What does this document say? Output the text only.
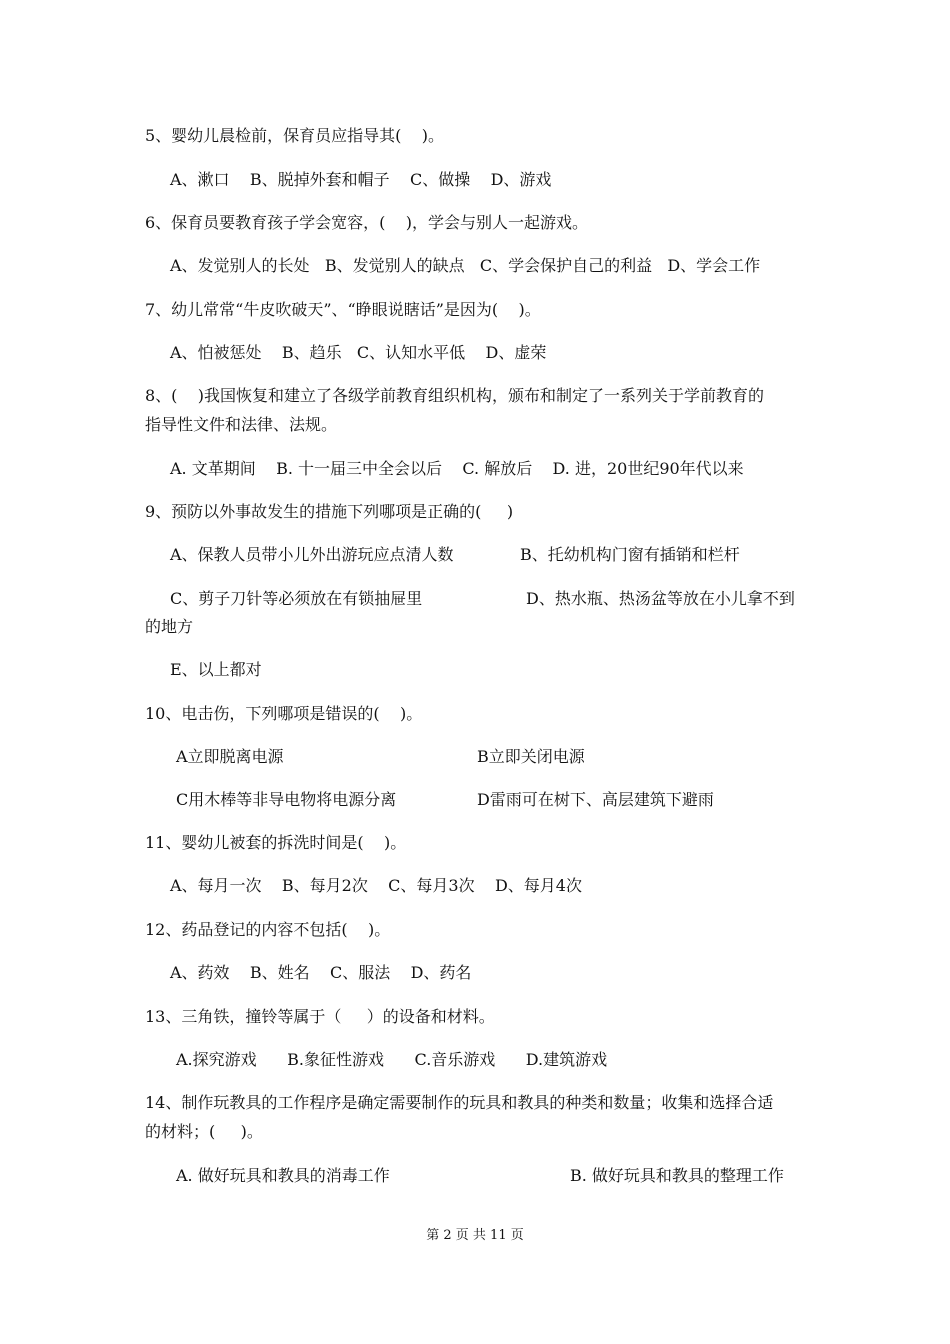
5、婴幼儿晨检前，保育员应指导其(    )。
A、漱口    B、脱掉外套和帽子    C、做操    D、游戏
6、保育员要教育孩子学会宽容，(    )，学会与别人一起游戏。
A、发觉别人的长处   B、发觉别人的缺点   C、学会保护自己的利益   D、学会工作
7、幼儿常常“牛皮吹破天”、“睁眼说瞎话”是因为(    )。
A、怕被惩处    B、趋乐   C、认知水平低    D、虚荣
8、(    )我国恢复和建立了各级学前教育组织机构，颁布和制定了一系列关于学前教育的
指导性文件和法律、法规。
A. 文革期间    B. 十一届三中全会以后    C. 解放后    D. 进，20世纪90年代以来
9、预防以外事故发生的措施下列哪项是正确的(     )
A、保教人员带小儿外出游玩应点清人数	B、托幼机构门窗有插销和栏杆
C、剪子刀针等必须放在有锁抽屉里	D、热水瓶、热汤盆等放在小儿拿不到
的地方
E、以上都对
10、电击伤，下列哪项是错误的(    )。
A立即脱离电源	B立即关闭电源
C用木棒等非导电物将电源分离	D雷雨可在树下、高层建筑下避雨
11、婴幼儿被套的拆洗时间是(    )。
A、每月一次    B、每月2次    C、每月3次    D、每月4次
12、药品登记的内容不包括(    )。
A、药效    B、姓名    C、服法    D、药名
13、三角铁，撞铃等属于（     ）的设备和材料。
A.探究游戏      B.象征性游戏      C.音乐游戏      D.建筑游戏
14、制作玩教具的工作程序是确定需要制作的玩具和教具的种类和数量；收集和选择合适
的材料；(     )。
A. 做好玩具和教具的消毒工作	B. 做好玩具和教具的整理工作
第 2 页 共 11 页
